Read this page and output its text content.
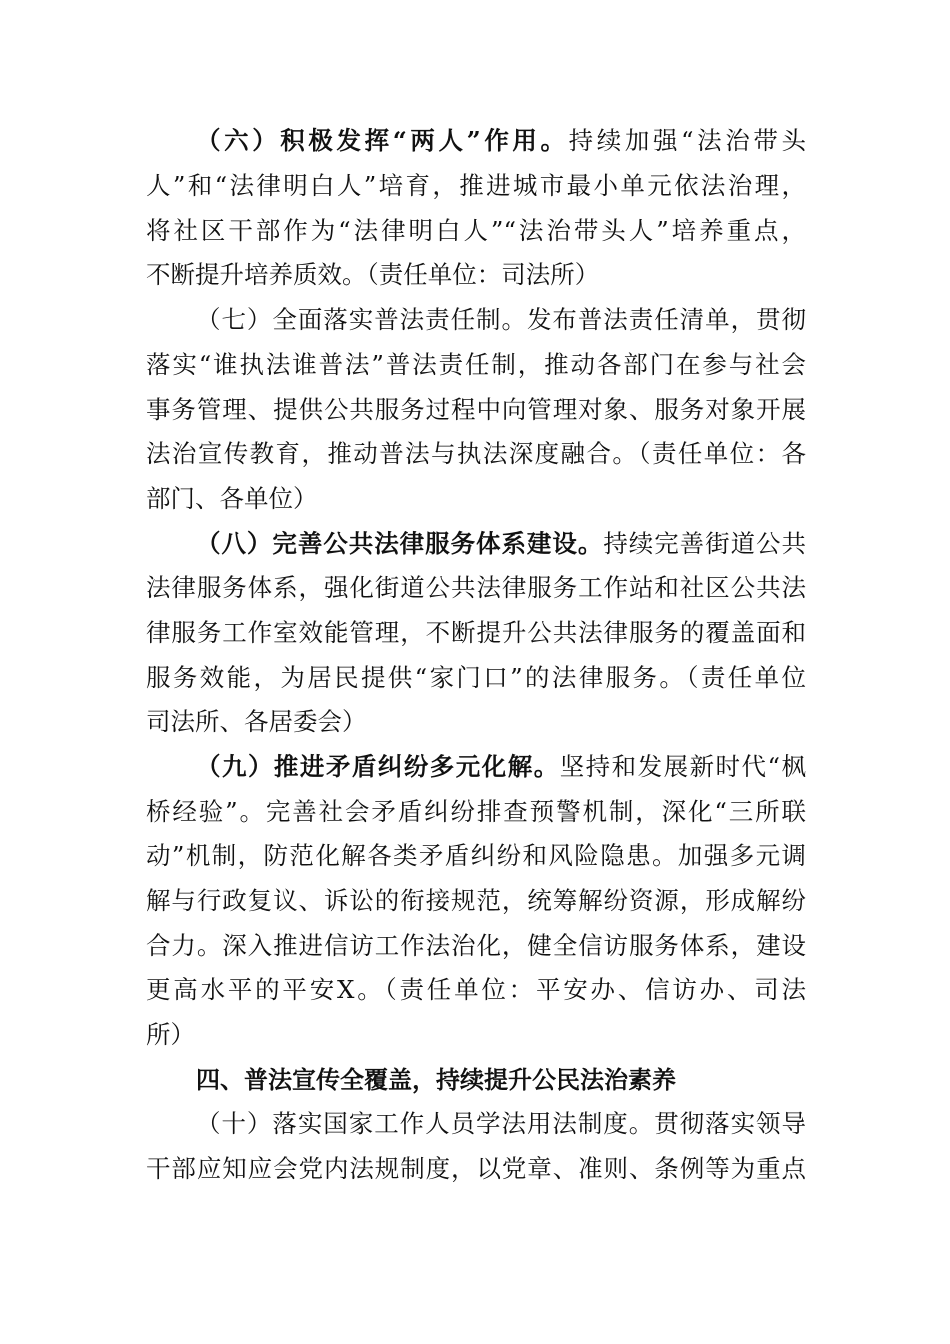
（六）积极发挥“两人”作用。持续加强“法治带头
人”和“法律明白人”培育，推进城市最小单元依法治理，
将社区干部作为“法律明白人”“法治带头人”培养重点，
不断提升培养质效。（责任单位：司法所）
（七）全面落实普法责任制。发布普法责任清单，贯彻
落实“谁执法谁普法”普法责任制，推动各部门在参与社会
事务管理、提供公共服务过程中向管理对象、服务对象开展
法治宣传教育，推动普法与执法深度融合。（责任单位：各
部门、各单位）
（八）完善公共法律服务体系建设。持续完善街道公共
法律服务体系，强化街道公共法律服务工作站和社区公共法
律服务工作室效能管理，不断提升公共法律服务的覆盖面和
服务效能，为居民提供“家门口”的法律服务。（责任单位
司法所、各居委会）
（九）推进矛盾纠纷多元化解。坚持和发展新时代“枫
桥经验”。完善社会矛盾纠纷排查预警机制，深化“三所联
动”机制，防范化解各类矛盾纠纷和风险隐患。加强多元调
解与行政复议、诉讼的衔接规范，统筹解纷资源，形成解纷
合力。深入推进信访工作法治化，健全信访服务体系，建设
更高水平的平安X。（责任单位：平安办、信访办、司法
所）
四、普法宣传全覆盖，持续提升公民法治素养
（十）落实国家工作人员学法用法制度。贯彻落实领导
干部应知应会党内法规制度，以党章、准则、条例等为重点
